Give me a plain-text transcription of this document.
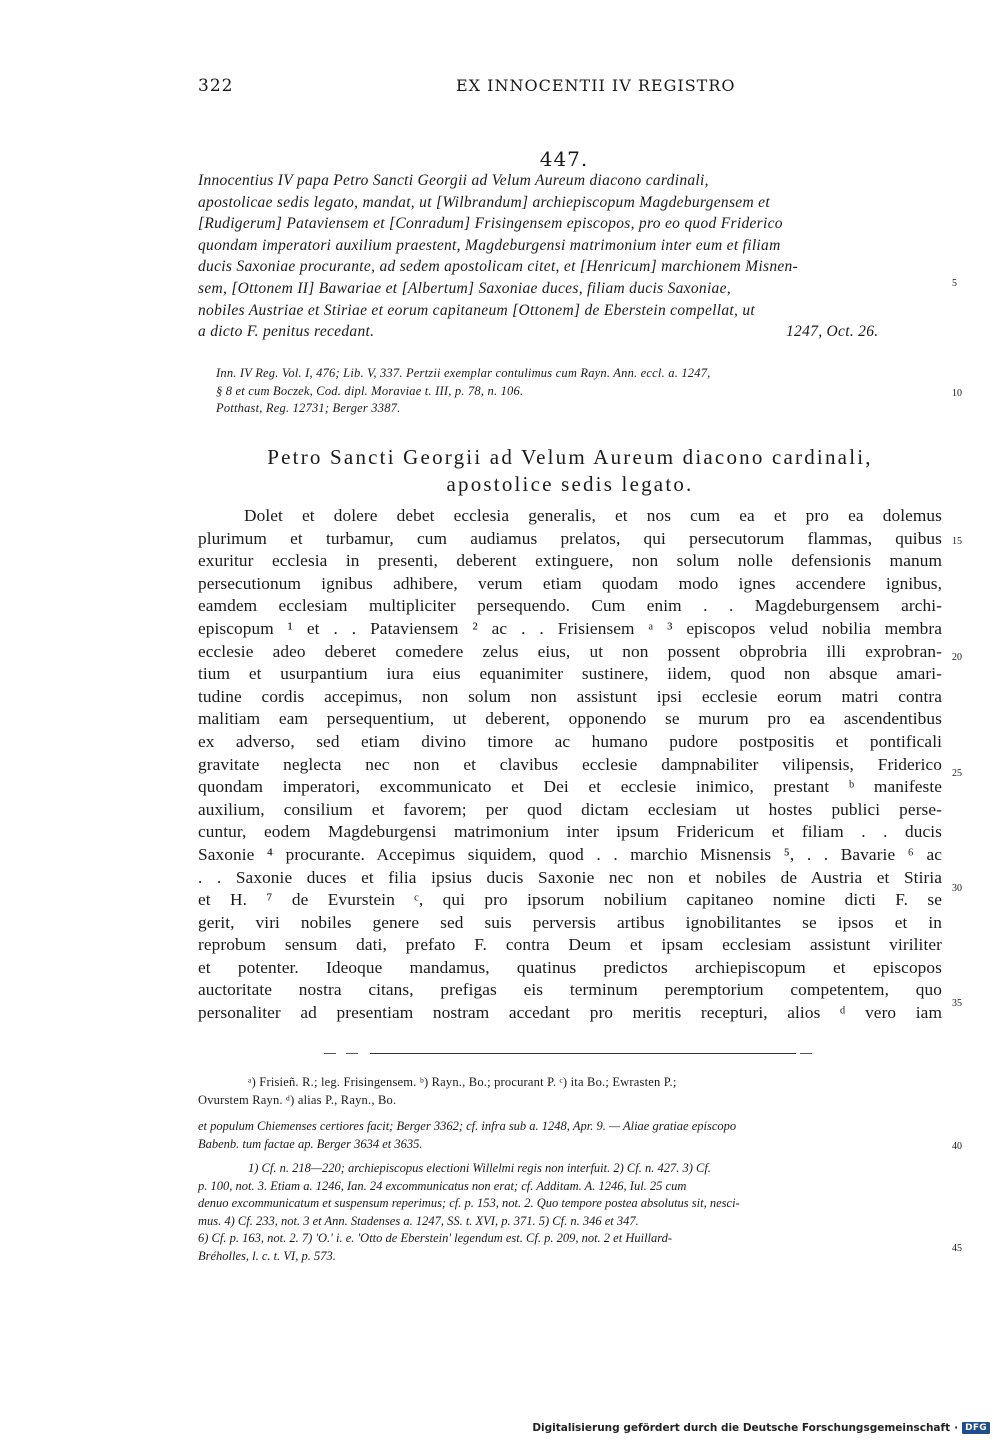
322	EX INNOCENTII IV REGISTRO
447.
Innocentius IV papa Petro Sancti Georgii ad Velum Aureum diacono cardinali,
apostolicae sedis legato, mandat, ut [Wilbrandum] archiepiscopum Magdeburgensem et
[Rudigerum] Pataviensem et [Conradum] Frisingensem episcopos, pro eo quod Friderico
quondam imperatori auxilium praestent, Magdeburgensi matrimonium inter eum et filiam
ducis Saxoniae procurante, ad sedem apostolicam citet, et [Henricum] marchionem Misnen-
sem, [Ottonem II] Bawariae et [Albertum] Saxoniae duces, filiam ducis Saxoniae,
nobiles Austriae et Stiriae et eorum capitaneum [Ottonem] de Eberstein compellat, ut
a dicto F. penitus recedant.	1247, Oct. 26.
Inn. IV Reg. Vol. I, 476; Lib. V, 337. Pertzii exemplar contulimus cum Rayn. Ann. eccl. a. 1247,
§ 8 et cum Boczek, Cod. dipl. Moraviae t. III, p. 78, n. 106.
Potthast, Reg. 12731; Berger 3387.
Petro Sancti Georgii ad Velum Aureum diacono cardinali,
apostolice sedis legato.
Dolet et dolere debet ecclesia generalis, et nos cum ea et pro ea dolemus
plurimum et turbamur, cum audiamus prelatos, qui persecutorum flammas, quibus
exuritur ecclesia in presenti, deberent extinguere, non solum nolle defensionis manum
persecutionum ignibus adhibere, verum etiam quodam modo ignes accendere ignibus,
eamdem ecclesiam multipliciter persequendo. Cum enim . . Magdeburgensem archi-
episcopum ¹ et . . Pataviensem ² ac . . Frisiensem ᵃ ³ episcopos velud nobilia membra
ecclesie adeo deberet comedere zelus eius, ut non possent obprobria illi exprobran-
tium et usurpantium iura eius equanimiter sustinere, iidem, quod non absque amari-
tudine cordis accepimus, non solum non assistunt ipsi ecclesie eorum matri contra
malitiam eam persequentium, ut deberent, opponendo se murum pro ea ascendentibus
ex adverso, sed etiam divino timore ac humano pudore postpositis et pontificali
gravitate neglecta nec non et clavibus ecclesie dampnabiliter vilipensis, Friderico
quondam imperatori, excommunicato et Dei et ecclesie inimico, prestant ᵇ manifeste
auxilium, consilium et favorem; per quod dictam ecclesiam ut hostes publici perse-
cuntur, eodem Magdeburgensi matrimonium inter ipsum Fridericum et filiam . . ducis
Saxonie ⁴ procurante. Accepimus siquidem, quod . . marchio Misnensis ⁵, . . Bavarie ⁶ ac
. . Saxonie duces et filia ipsius ducis Saxonie nec non et nobiles de Austria et Stiria
et H. ⁷ de Evurstein ᶜ, qui pro ipsorum nobilium capitaneo nomine dicti F. se
gerit, viri nobiles genere sed suis perversis artibus ignobilitantes se ipsos et in
reprobum sensum dati, prefato F. contra Deum et ipsam ecclesiam assistunt viriliter
et potenter. Ideoque mandamus, quatinus predictos archiepiscopum et episcopos
auctoritate nostra citans, prefigas eis terminum peremptorium competentem, quo
personaliter ad presentiam nostram accedant pro meritis recepturi, alios ᵈ vero iam
5
10
15
20
25
30
35
40
45
ᵃ) Frisieñ. R.; leg. Frisingensem. ᵇ) Rayn., Bo.; procurant P. ᶜ) ita Bo.; Ewrasten P.;
Ovurstem Rayn. ᵈ) alias P., Rayn., Bo.
et populum Chiemenses certiores facit; Berger 3362; cf. infra sub a. 1248, Apr. 9. — Aliae gratiae episcopo
Babenb. tum factae ap. Berger 3634 et 3635.
1) Cf. n. 218—220; archiepiscopus electioni Willelmi regis non interfuit. 2) Cf. n. 427. 3) Cf.
p. 100, not. 3. Etiam a. 1246, Ian. 24 excommunicatus non erat; cf. Additam. A. 1246, Iul. 25 cum
denuo excommunicatum et suspensum reperimus; cf. p. 153, not. 2. Quo tempore postea absolutus sit, nesci-
mus. 4) Cf. 233, not. 3 et Ann. Stadenses a. 1247, SS. t. XVI, p. 371. 5) Cf. n. 346 et 347.
6) Cf. p. 163, not. 2. 7) 'O.' i. e. 'Otto de Eberstein' legendum est. Cf. p. 209, not. 2 et Huillard-
Bréholles, l. c. t. VI, p. 573.
Digitalisierung gefördert durch die Deutsche Forschungsgemeinschaft · DFG
